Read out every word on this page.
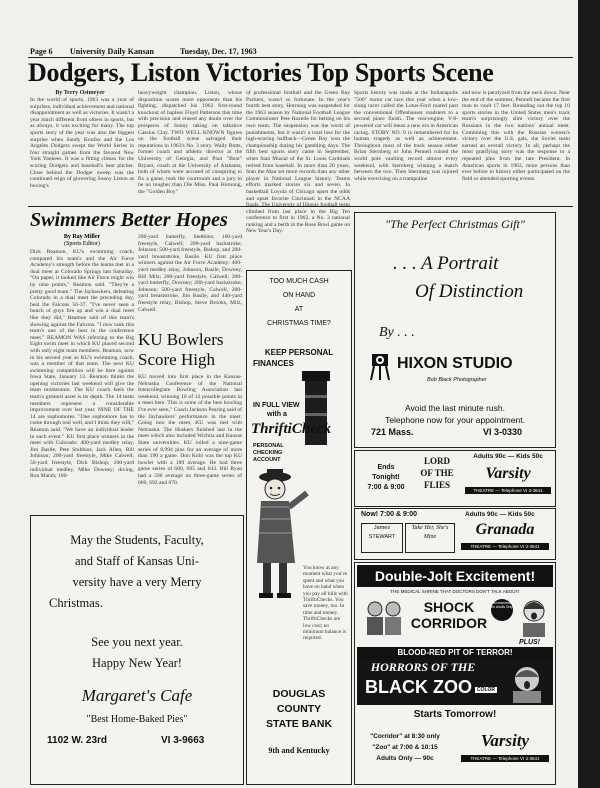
Page 6 University Daily Kansan	Tuesday, Dec. 17, 1963
Dodgers, Liston Victories Top Sports Scene
By Terry Ostmeyer
In the world of sports, 1963 was a year of surprises, individual achievement and national disappointment as well as victories. It wasn't a year much different from others in sports, but as always, it was exciting for many. The top sports story of the year was also the biggest surprise when Sandy Koufax and the Los Angeles Dodgers swept the World Series in four straight games from the favored New York Yankees. It was a fitting climax for the scoring Dodgers and baseball's best pitcher. Close behind the Dodger sweep was the continued reign of glowering Sonny Liston as boxing's
heavyweight champion. Liston, whose disposition scares more opponents than his fighting, dispatched his 1962 first-round knockout of hapless Floyd Patterson this time with precision and erased any doubt over the prospects of Sonny taking on talkative Cassius Clay. TWO WELL KNOWN figures on the football scene salvaged their reputations in 1963's No. 3 story. Wally Butts, former coach and athletic director at the University of Georgia, and Paul "Bear" Bryant, coach at the University of Alabama, both of whom were accused of conspiring to fix a game, took the courtroom and a jury to be no tougher than Ole Miss. Paul Hornung, the "Golden Boy"
of professional football and the Green Bay Packers, wasn't so fortunate. In the year's fourth best story, Hornung was suspended for the 1963 season by National Football League Commissioner Pete Rozelle for betting on his own team. The suspension was the worst of punishments, but it wasn't a total loss for the high-scoring halfback—Green Bay won the championship during his gambling days. The fifth best sports story came in September, when Stan Musial of the St. Louis Cardinals retired from baseball. In more than 20 years, Stan the Man set more records than any other player in National League history. Teams efforts marked stories six and seven. In basketball Loyola of Chicago upset the odds and upset favorite Cincinnati in the NCAA climbed from last place in the Big Ten conference to first in 1962, a No. 3 national ranking and a berth in the Rose Bowl game on New Year's Day.
Sports history was made at the Indianapolis "500" motor car race this year when a low-slung racer called the Lotus-Ford roared past the conventional Offenhauser roadsters to a second place finish. The rear-engine, V-8-powered car will mean a new era in American racing. STORY NO. 9 is remembered for its human tragedy as well as achievement. Throughout most of the track season either Brian Sternberg or John Pennell ruined the world pole vaulting record almost every weekend, with Sternberg winning a match between the two. Then Sternberg was injured while exercising on a trampoline
and now is paralyzed from the neck down. Near the end of the summer, Pennell became the first man to vault 17 feet. Rounding out the top 10 sports stories in the United States men's track team's surprisingly slim victory over the Russians in the two nations' annual meet. Combining this with the Russian women's victory over the U.S. gals, the Soviet team earned an overall victory. In all, perhaps the most gratifying story was the response to a repeated plea from the late President. In American sports in 1963, more persons than ever before in history either participated on the field or attended sporting events.
Swimmers Better Hopes
By Ray Miller
(Sports Editor)
Dick Reamon, KU's swimming coach, compared his team's and the Air Force Academy's strength before the teams met in a dual meet at Colorado Springs last Saturday. "On paper, it looked like Air Force might win by nine points," Reamon said. "They're a pretty good team." The Jayhawkers, defeating Colorado in a dual meet the preceding day, beat the Falcons 56-37. "I've never seen a bunch of guys fire up and win a dual meet like they did," Reamon said of this team's showing against the Falcons. "I now rank this team's one of the best in the conference meet." REAMON WAS referring to the Big Eight swim meet in which KU placed second with only eight team members. Reamon, now in his second year as KU's swimming coach, was a member of that team. The next KU swimming competition will be here against Iowa State, January 13. Reamon thinks the opening victories last weekend will give the team momentum. The KU coach feels the team's greatest asset is its depth. The 14 team members represent a considerable improvement over last year. NINE OF THE 14 are sophomores. "One sophomore has to come through real well, and I think they will," Reamon said. "We have an individual leader in each event." KU first place winners in the meet with Colorado: 400-yard medley relay, Jim Basile, Pete Stubbins, Jack Allen, Bill Johnson; 200-yard freestyle, Mike Calwell; 50-yard freestyle, Dick Bishop; 200-yard individual medley, Mike Downey; diving, Ron Marsh; 100-
200-yard butterfly, Stebbins; 100-yard freestyle, Calwell; 200-yard backstroke, Johnson; 500-yard freestyle, Bishop, and 200-yard breaststroke, Basile. KU first place winners against the Air Force Academy: 400-yard medley relay, Johnson, Basile, Downey, Bill Milz; 200-yard freestyle, Calwell; 200-yard butterfly, Downey; 200-yard backstroke, Johnson; 500-yard freestyle, Calwell, 200-yard breaststroke, Jim Basile, and 440-yard freestyle relay, Bishop, Steve Brooks, Milz, Calwell.
KU Bowlers
Score High
KU moved into first place in the Kansas-Nebraska Conference of the National Intercollegiate Bowling Association last weekend, winning 10 of 12 possible points in a meet here. This is some of the best bowling I've ever seen," Coach Jackson Pearing said of the Jayhawkers' performance in the meet. Going into the meet, KU was tied with Nebraska. The Huskers finished last in the meet which also included Wichita and Kansas State universities. KU rolled a nine-game series of 8,994 pins for an average of more than 190 a game. Don Kuhl was the top KU bowler with a 189 average. He had three game series of 600, 695 and 643. Bill Ryan had a 596 average on three-game series of 600, 692 and 670.
May the Students, Faculty,
and Staff of Kansas Uni-
versity have a very Merry
Christmas.
See you next year.
Happy New Year!
Margaret's Cafe
"Best Home-Baked Pies"
1102 W. 23rd	VI 3-9663
TOO MUCH CASH
ON HAND
AT
CHRISTMAS TIME?
KEEP PERSONAL
FINANCES
IN FULL VIEW
with a
ThriftiCheck
PERSONAL
CHECKING
ACCOUNT
You know at any moment what you've spent and what you have on hand when you pay all bills with ThriftiChecks. You save money, too. In time and money. ThriftiChecks are low cost; no minimum balance is required.
DOUGLAS
COUNTY
STATE BANK
9th and Kentucky
"The Perfect Christmas Gift"
. . . A Portrait
Of Distinction
By . . .
HIXON STUDIO
Bob Black Photographer
Avoid the last minute rush.
Telephone now for your appointment.
721 Mass.	VI 3-0330
Ends
Tonight!
7:00 & 9:00
LORD
OF THE
FLIES
Adults 90c — Kids 50c
Varsity
THEATRE — Telephone VI 3-3641
Now! 7:00 & 9:00	Adults 90c — Kids 50c
James STEWART
Take Her, She's Mine	Granada
THEATRE — Telephone VI 3-3641
Double-Jolt Excitement!
THE MEDICAL SHRINE THAT DOCTORS DON'T TALK ABOUT!
SHOCK
CORRIDOR
Recommended for Adults Only
PLUS!
BLOOD-RED PIT OF TERROR!
HORRORS OF THE
BLACK ZOO COLOR
Starts Tomorrow!
"Corridor" at 8:30 only
"Zoo" at 7:00 & 10:15
Adults Only — 90c
Varsity
THEATRE — Telephone VI 3-3641
